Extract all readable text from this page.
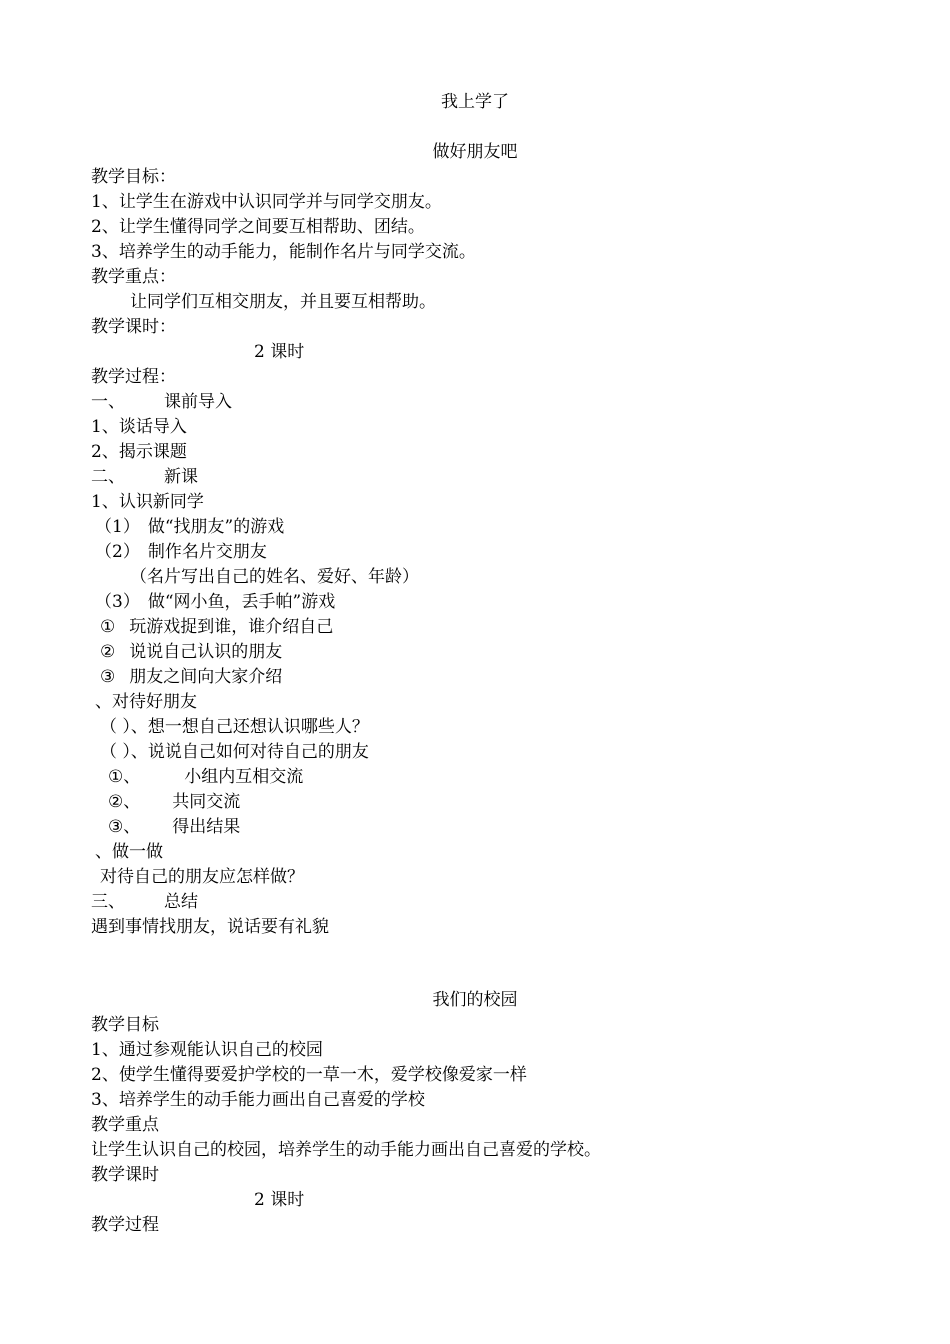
我上学了
做好朋友吧
教学目标：
1、让学生在游戏中认识同学并与同学交朋友。
2、让学生懂得同学之间要互相帮助、团结。
3、培养学生的动手能力，能制作名片与同学交流。
教学重点：
让同学们互相交朋友，并且要互相帮助。
教学课时：
2 课时
教学过程：
一、 课前导入
1、谈话导入
2、揭示课题
二、 新课
1、认识新同学
（1） 做“找朋友”的游戏
（2） 制作名片交朋友
（名片写出自己的姓名、爱好、年龄）
（3） 做“网小鱼，丢手帕”游戏
① 玩游戏捉到谁，谁介绍自己
② 说说自己认识的朋友
③ 朋友之间向大家介绍
、对待好朋友
（ ）、想一想自己还想认识哪些人？
（ ）、说说自己如何对待自己的朋友
①、	小组内互相交流
②、 共同交流
③、 得出结果
、做一做
对待自己的朋友应怎样做？
三、 总结
遇到事情找朋友，说话要有礼貌
我们的校园
教学目标
1、通过参观能认识自己的校园
2、使学生懂得要爱护学校的一草一木，爱学校像爱家一样
3、培养学生的动手能力画出自己喜爱的学校
教学重点
让学生认识自己的校园，培养学生的动手能力画出自己喜爱的学校。
教学课时
2 课时
教学过程
